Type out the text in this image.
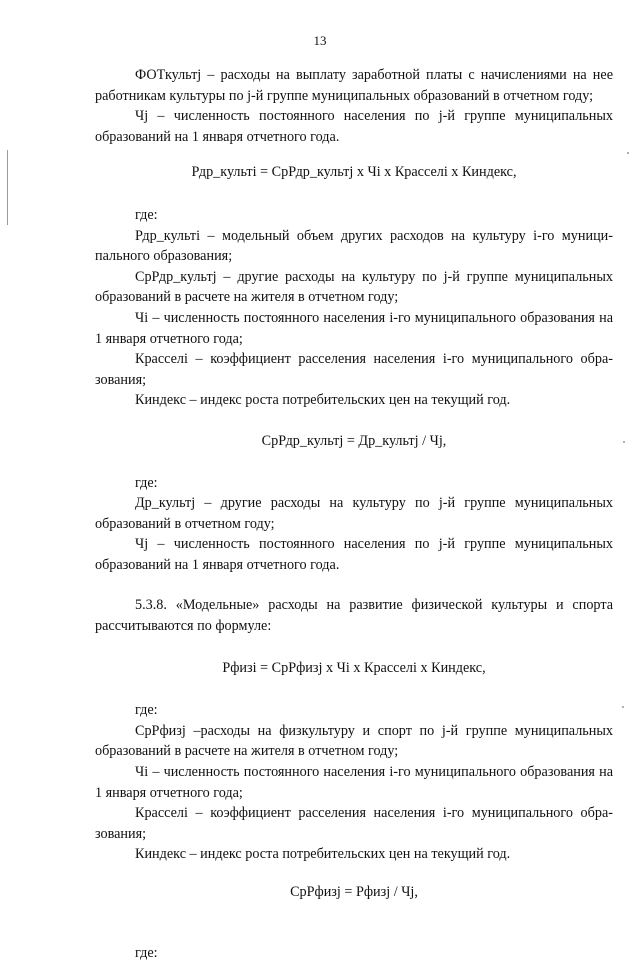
13

ФОТкультj – расходы на выплату заработной платы с начислениями на нее работникам культуры по j-й группе муниципальных образований в отчетном году;

Чj – численность постоянного населения по j-й группе муниципальных образований на 1 января отчетного года.

Рдр_культi = СрРдр_культj х Чi х Красселi х Киндекс,

где:

Рдр_культi – модельный объем других расходов на культуру i-го муниципального образования;

СрРдр_культj – другие расходы на культуру по j-й группе муниципальных образований в расчете на жителя в отчетном году;

Чi – численность постоянного населения i-го муниципального образования на 1 января отчетного года;

Красселi – коэффициент расселения населения i-го муниципального образования;

Киндекс – индекс роста потребительских цен на текущий год.

СрРдр_культj = Др_культj / Чj,

где:

Др_культj – другие расходы на культуру по j-й группе муниципальных образований в отчетном году;

Чj – численность постоянного населения по j-й группе муниципальных образований на 1 января отчетного года.

5.3.8. «Модельные» расходы на развитие физической культуры и спорта рассчитываются по формуле:

Рфизi = СрРфизj х Чi х Красселi х Киндекс,

где:

СрРфизj –расходы на физкультуру и спорт по j-й группе муниципальных образований в расчете на жителя в отчетном году;

Чi – численность постоянного населения i-го муниципального образования на 1 января отчетного года;

Красселi – коэффициент расселения населения i-го муниципального образования;

Киндекс – индекс роста потребительских цен на текущий год.

СрРфизj = Рфизj / Чj,

где:
